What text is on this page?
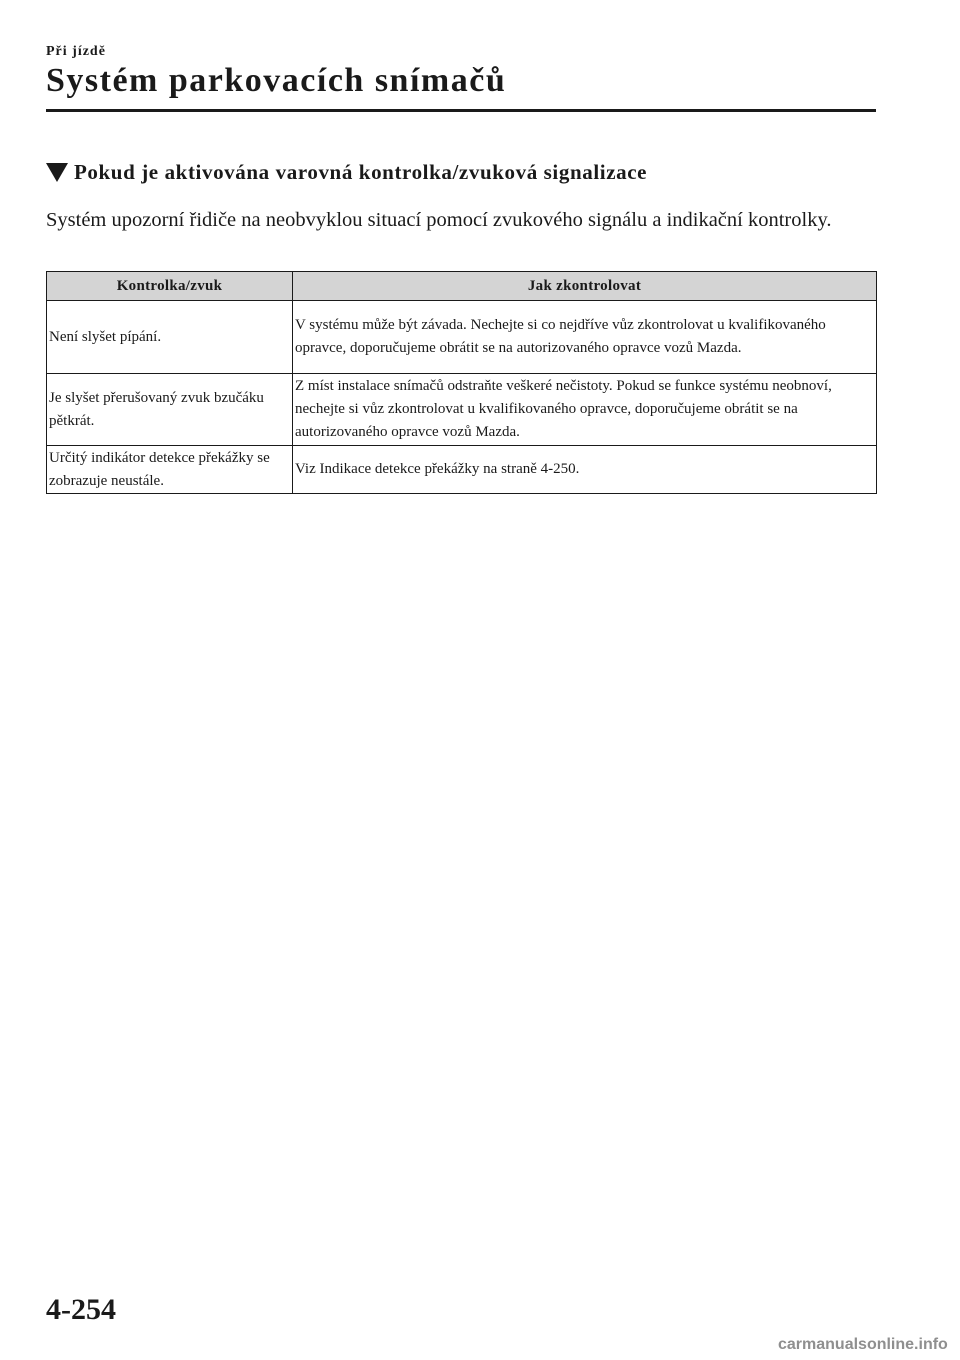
Při jízdě
Systém parkovacích snímačů
Pokud je aktivována varovná kontrolka/zvuková signalizace
Systém upozorní řidiče na neobvyklou situací pomocí zvukového signálu a indikační kontrolky.
Kontrolka/zvuk	Jak zkontrolovat
Není slyšet pípání.	V systému může být závada. Nechejte si co nejdříve vůz zkontrolovat u kvalifikovaného opravce, doporučujeme obrátit se na autorizovaného opravce vozů Mazda.
Je slyšet přerušovaný zvuk bzučáku pětkrát.	Z míst instalace snímačů odstraňte veškeré nečistoty. Pokud se funkce systému neobnoví, nechejte si vůz zkontrolovat u kvalifikovaného opravce, doporučujeme obrátit se na autorizovaného opravce vozů Mazda.
Určitý indikátor detekce překážky se zobrazuje neustále.	Viz Indikace detekce překážky na straně 4-250.
4-254
carmanualsonline.info
